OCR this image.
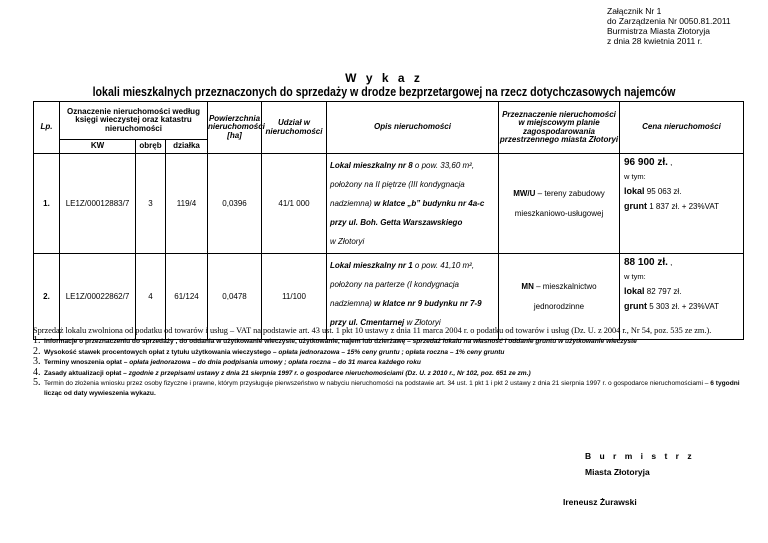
Załącznik Nr 1
do Zarządzenia Nr 0050.81.2011
Burmistrza Miasta Złotoryja
z dnia 28 kwietnia 2011 r.
W y k a z
lokali mieszkalnych przeznaczonych do sprzedaży w drodze bezprzetargowej na rzecz dotychczasowych najemców
Lp.	Oznaczenie nieruchomości według księgi wieczystej oraz katastru nieruchomości			Powierzchnia nieruchomości [ha]	Udział w nieruchomości	Opis nieruchomości	Przeznaczenie nieruchomości w miejscowym planie zagospodarowania przestrzennego miasta Złotoryi	Cena nieruchomości
	KW	obręb	działka					
1.	LE1Z/00012883/7	3	119/4	0,0396	41/1 000	Lokal mieszkalny nr 8 o pow. 33,60 m²,
położony na II piętrze (III kondygnacja
nadziemna) w klatce „b” budynku nr 4a-c
przy ul. Boh. Getta Warszawskiego
w Złotoryi	MW/U – tereny zabudowy
mieszkaniowo-usługowej	96 900 zł. ,
w tym:
lokal 95 063 zł.
grunt 1 837 zł. + 23%VAT
2.	LE1Z/00022862/7	4	61/124	0,0478	11/100	Lokal mieszkalny nr 1 o pow. 41,10 m²,
położony na parterze (I kondygnacja
nadziemna) w klatce nr 9 budynku nr 7-9
przy ul. Cmentarnej w Złotoryi	MN – mieszkalnictwo
jednorodzinne	88 100 zł. ,
w tym:
lokal 82 797 zł.
grunt 5 303 zł. + 23%VAT
Sprzedaż lokalu zwolniona od podatku od towarów i usług – VAT na podstawie art. 43 ust. 1 pkt 10 ustawy z dnia 11 marca 2004 r. o podatku od towarów i usług (Dz. U. z 2004 r., Nr 54, poz. 535 ze zm.).
1. Informacje o przeznaczeniu do sprzedaży , do oddania w użytkowanie wieczyste, użytkowanie, najem lub dzierżawę – sprzedaż lokalu na własność i oddanie gruntu w użytkowanie wieczyste
2. Wysokość stawek procentowych opłat z tytułu użytkowania wieczystego – opłata jednorazowa – 15% ceny gruntu ; opłata roczna – 1% ceny gruntu
3. Terminy wnoszenia opłat – opłata jednorazowa – do dnia podpisania umowy ; opłata roczna – do 31 marca każdego roku
4. Zasady aktualizacji opłat – zgodnie z przepisami ustawy z dnia 21 sierpnia 1997 r. o gospodarce nieruchomościami (Dz. U. z 2010 r., Nr 102, poz. 651 ze zm.)
5. Termin do złożenia wniosku przez osoby fizyczne i prawne, którym przysługuje pierwszeństwo w nabyciu nieruchomości na podstawie art. 34 ust. 1 pkt 1 i pkt 2 ustawy z dnia 21 sierpnia 1997 r. o gospodarce nieruchomościami – 6 tygodni licząc od daty wywieszenia wykazu.
B u r m i s t r z
Miasta Złotoryja
Ireneusz Żurawski
